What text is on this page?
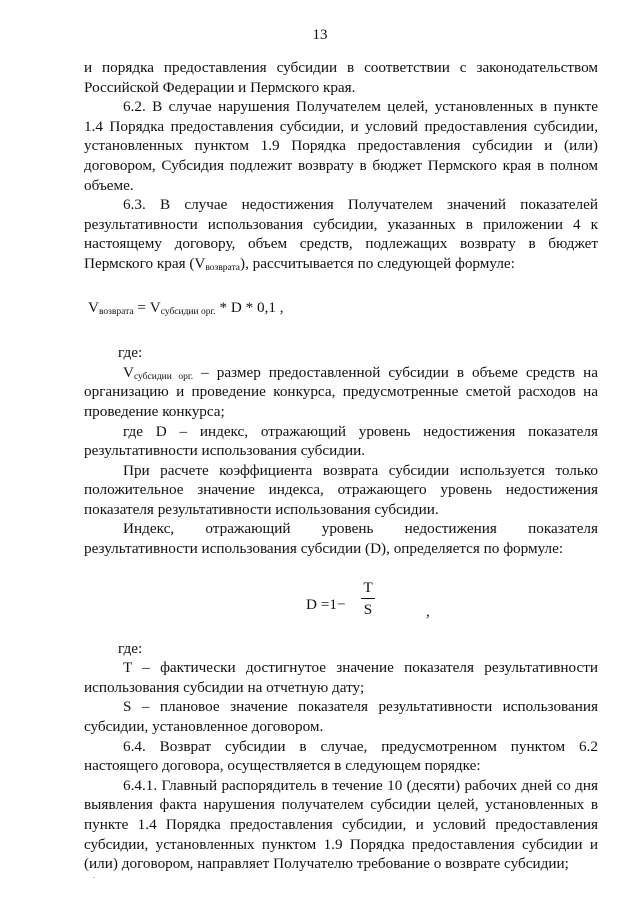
13

и порядка предоставления субсидии в соответствии с законодательством Российской Федерации и Пермского края.

6.2. В случае нарушения Получателем целей, установленных в пункте 1.4 Порядка предоставления субсидии, и условий предоставления субсидии, установленных пунктом 1.9 Порядка предоставления субсидии и (или) договором, Субсидия подлежит возврату в бюджет Пермского края в полном объеме.

6.3. В случае недостижения Получателем значений показателей результативности использования субсидии, указанных в приложении 4 к настоящему договору, объем средств, подлежащих возврату в бюджет Пермского края $(V_{возврата})$, рассчитывается по следующей формуле:

$V_{возврата} = V_{субсидии орг.} * D * 0,1$ ,

где:

$V_{субсидии орг.}$ – размер предоставленной субсидии в объеме средств на организацию и проведение конкурса, предусмотренные сметой расходов на проведение конкурса;

где D – индекс, отражающий уровень недостижения показателя результативности использования субсидии.

При расчете коэффициента возврата субсидии используется только положительное значение индекса, отражающего уровень недостижения показателя результативности использования субсидии.

Индекс, отражающий уровень недостижения показателя результативности использования субсидии (D), определяется по формуле:

D =1−
T
S	,

где:

T – фактически достигнутое значение показателя результативности использования субсидии на отчетную дату;

S – плановое значение показателя результативности использования субсидии, установленное договором.

6.4. Возврат субсидии в случае, предусмотренном пунктом 6.2 настоящего договора, осуществляется в следующем порядке:

6.4.1. Главный распорядитель в течение 10 (десяти) рабочих дней со дня выявления факта нарушения получателем субсидии целей, установленных в пункте 1.4 Порядка предоставления субсидии, и условий предоставления субсидии, установленных пунктом 1.9 Порядка предоставления субсидии и (или) договором, направляет Получателю требование о возврате субсидии;

.
